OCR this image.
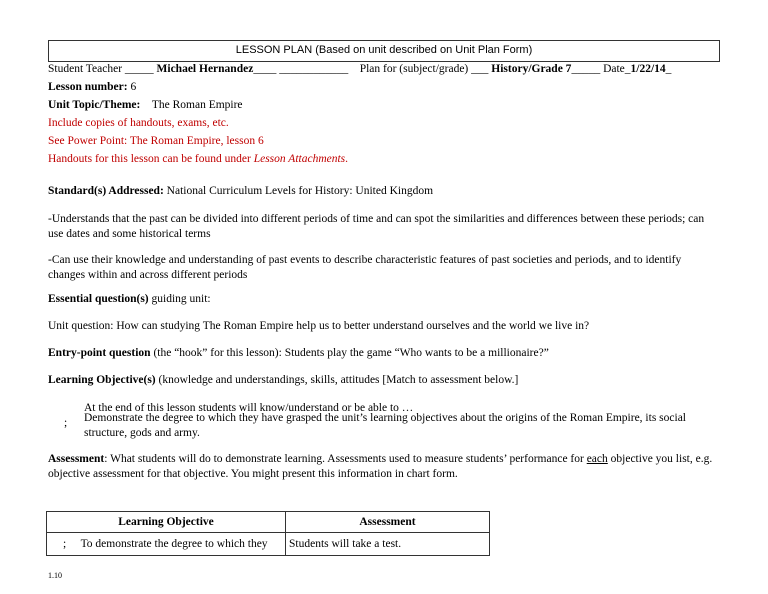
LESSON PLAN (Based on unit described on Unit Plan Form)
Student Teacher _____ Michael Hernandez____ ____________ Plan for (subject/grade) ___ History/Grade 7_____ Date_1/22/14_
Lesson number: 6
Unit Topic/Theme: The Roman Empire
Include copies of handouts, exams, etc.
See Power Point: The Roman Empire, lesson 6
Handouts for this lesson can be found under Lesson Attachments.
Standard(s) Addressed: National Curriculum Levels for History: United Kingdom
-Understands that the past can be divided into different periods of time and can spot the similarities and differences between these periods; can use dates and some historical terms
-Can use their knowledge and understanding of past events to describe characteristic features of past societies and periods, and to identify changes within and across different periods
Essential question(s) guiding unit:
Unit question: How can studying The Roman Empire help us to better understand ourselves and the world we live in?
Entry-point question (the “hook” for this lesson): Students play the game “Who wants to be a millionaire?”
Learning Objective(s) (knowledge and understandings, skills, attitudes [Match to assessment below.]
At the end of this lesson students will know/understand or be able to …
; Demonstrate the degree to which they have grasped the unit’s learning objectives about the origins of the Roman Empire, its social structure, gods and army.
Assessment: What students will do to demonstrate learning. Assessments used to measure students’ performance for each objective you list, e.g. objective assessment for that objective. You might present this information in chart form.
Learning Objective	Assessment
; To demonstrate the degree to which they	Students will take a test.
1.10
